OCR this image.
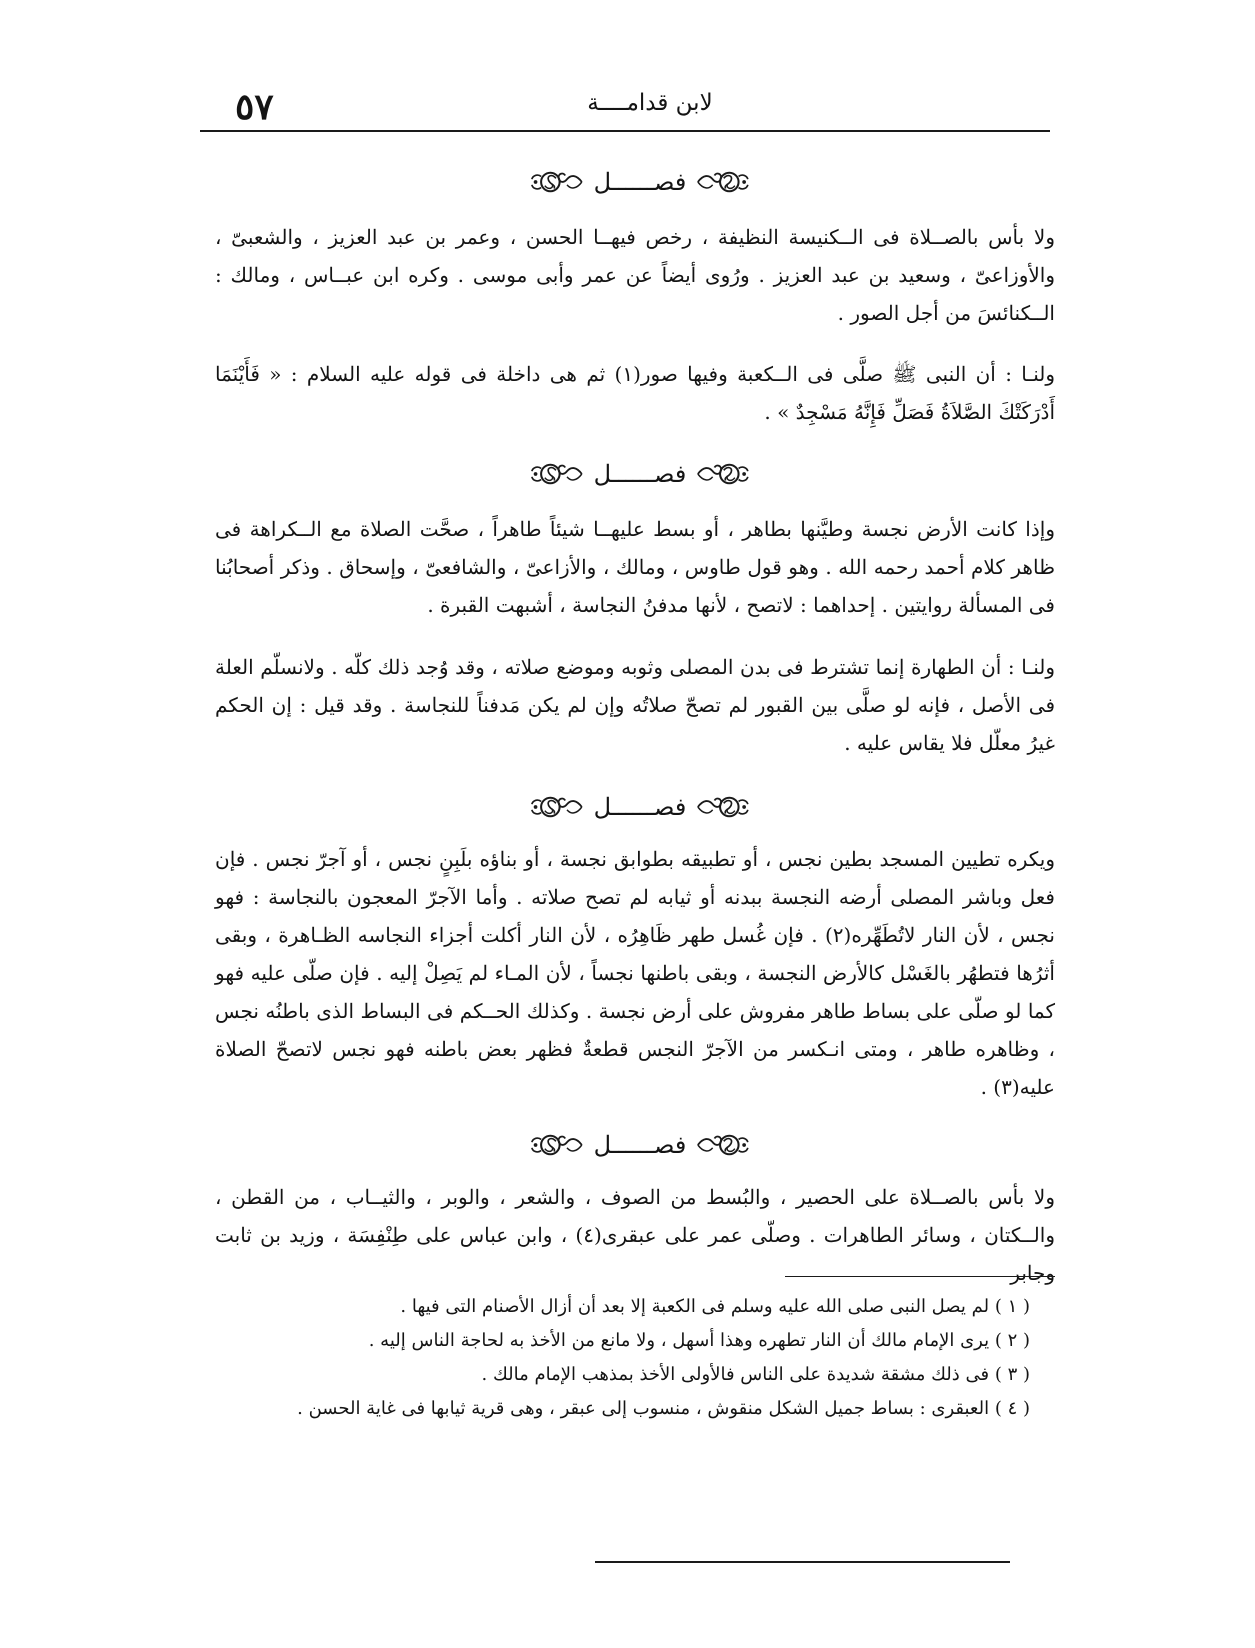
٥٧	لابن قدامــــة
فصــــــل

ولا بأس بالصــلاة فى الــكنيسة النظيفة ، رخص فيهــا الحسن ، وعمر بن عبد العزيز ، والشعبىّ ، والأوزاعىّ ، وسعيد بن عبد العزيز . ورُوى أيضاً عن عمر وأبى موسى . وكره ابن عبــاس ، ومالك : الــكنائسَ من أجل الصور .

ولنـا : أن النبى ﷺ صلَّى فى الــكعبة وفيها صور(١) ثم هى داخلة فى قوله عليه السلام : « فَأَيْنَمَا أَدْرَكَتْكَ الصَّلاَةُ فَصَلِّ فَإِنَّهُ مَسْجِدٌ » .

فصــــــل

وإذا كانت الأرض نجسة وطيَّنها بطاهر ، أو بسط عليهــا شيئاً طاهراً ، صحَّت الصلاة مع الــكراهة فى ظاهر كلام أحمد رحمه الله . وهو قول طاوس ، ومالك ، والأزاعىّ ، والشافعىّ ، وإسحاق . وذكر أصحابُنا فى المسألة روايتين . إحداهما : لاتصح ، لأنها مدفنُ النجاسة ، أشبهت القبرة .

ولنـا : أن الطهارة إنما تشترط فى بدن المصلى وثوبه وموضع صلاته ، وقد وُجد ذلك كلّه . ولانسلّم العلة فى الأصل ، فإنه لو صلَّى بين القبور لم تصحّ صلاتُه وإن لم يكن مَدفناً للنجاسة . وقد قيل : إن الحكم غيرُ معلّل فلا يقاس عليه .

فصــــــل

ويكره تطيين المسجد بطين نجس ، أو تطبيقه بطوابق نجسة ، أو بناؤه بلَبِنٍ نجس ، أو آجرّ نجس . فإن فعل وباشر المصلى أرضه النجسة ببدنه أو ثيابه لم تصح صلاته . وأما الآجرّ المعجون بالنجاسة : فهو نجس ، لأن النار لاتُطَهِّره(٢) . فإن غُسل طهر ظَاهِرُه ، لأن النار أكلت أجزاء النجاسه الظـاهرة ، وبقى أثرُها فتطهُر بالغَسْل كالأرض النجسة ، وبقى باطنها نجساً ، لأن المـاء لم يَصِلْ إليه . فإن صلّى عليه فهو كما لو صلّى على بساط طاهر مفروش على أرض نجسة . وكذلك الحــكم فى البساط الذى باطنُه نجس ، وظاهره طاهر ، ومتى انـكسر من الآجرّ النجس قطعةٌ فظهر بعض باطنه فهو نجس لاتصحّ الصلاة عليه(٣) .

فصــــــل

ولا بأس بالصــلاة على الحصير ، والبُسط من الصوف ، والشعر ، والوبر ، والثيــاب ، من القطن ، والــكتان ، وسائر الطاهرات . وصلّى عمر على عبقرى(٤) ، وابن عباس على طِنْفِسَة ، وزيد بن ثابت وجابر

( ١ ) لم يصل النبى صلى الله عليه وسلم فى الكعبة إلا بعد أن أزال الأصنام التى فيها .
( ٢ ) يرى الإمام مالك أن النار تطهره وهذا أسهل ، ولا مانع من الأخذ به لحاجة الناس إليه .
( ٣ ) فى ذلك مشقة شديدة على الناس فالأولى الأخذ بمذهب الإمام مالك .
( ٤ ) العبقرى : بساط جميل الشكل منقوش ، منسوب إلى عبقر ، وهى قرية ثيابها فى غاية الحسن .
